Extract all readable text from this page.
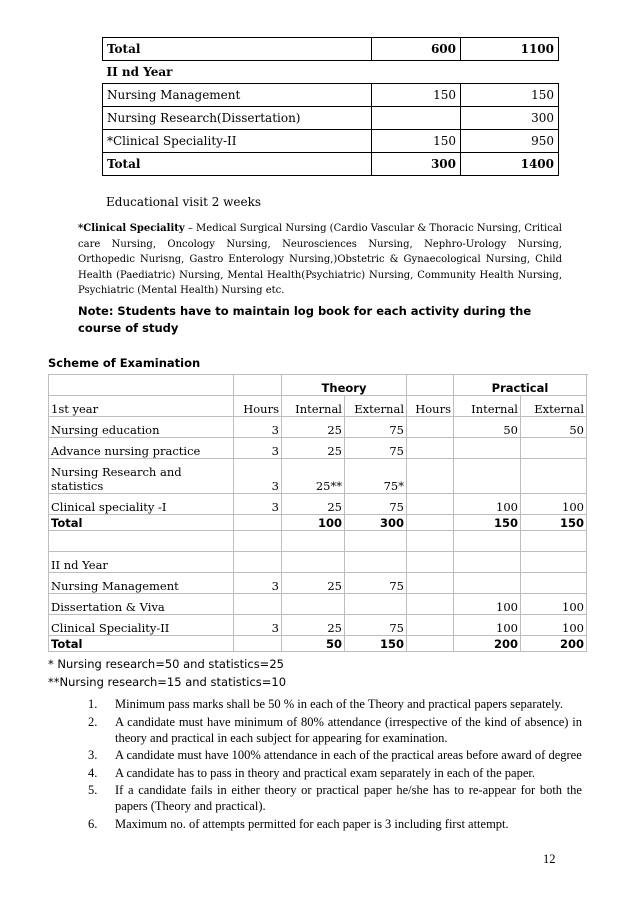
Total	600	1100
II nd Year		
Nursing Management	150	150
Nursing Research(Dissertation)		300
*Clinical Speciality-II	150	950
Total	300	1400
Educational visit 2 weeks
*Clinical Speciality – Medical Surgical Nursing (Cardio Vascular & Thoracic Nursing, Critical care Nursing, Oncology Nursing, Neurosciences Nursing, Nephro-Urology Nursing, Orthopedic Nurisng, Gastro Enterology Nursing,)Obstetric & Gynaecological Nursing, Child Health (Paediatric) Nursing, Mental Health(Psychiatric) Nursing, Community Health Nursing, Psychiatric (Mental Health) Nursing etc.
Note: Students have to maintain log book for each activity during the course of study
Scheme of Examination
		Theory			Practical	
1st year	Hours	Internal	External	Hours	Internal	External
Nursing education	3	25	75		50	50
Advance nursing practice	3	25	75			
Nursing Research and statistics	3	25**	75*			
Clinical speciality -I	3	25	75		100	100
Total		100	300		150	150

II nd Year						
Nursing Management	3	25	75			
Dissertation & Viva					100	100
Clinical Speciality-II	3	25	75		100	100
Total		50	150		200	200
* Nursing research=50 and statistics=25
**Nursing research=15 and statistics=10
1. Minimum pass marks shall be 50 % in each of the Theory and practical papers separately.
2. A candidate must have minimum of 80% attendance (irrespective of the kind of absence) in theory and practical in each subject for appearing for examination.
3. A candidate must have 100% attendance in each of the practical areas before award of degree
4. A candidate has to pass in theory and practical exam separately in each of the paper.
5. If a candidate fails in either theory or practical paper he/she has to re-appear for both the papers (Theory and practical).
6. Maximum no. of attempts permitted for each paper is 3 including first attempt.
12
